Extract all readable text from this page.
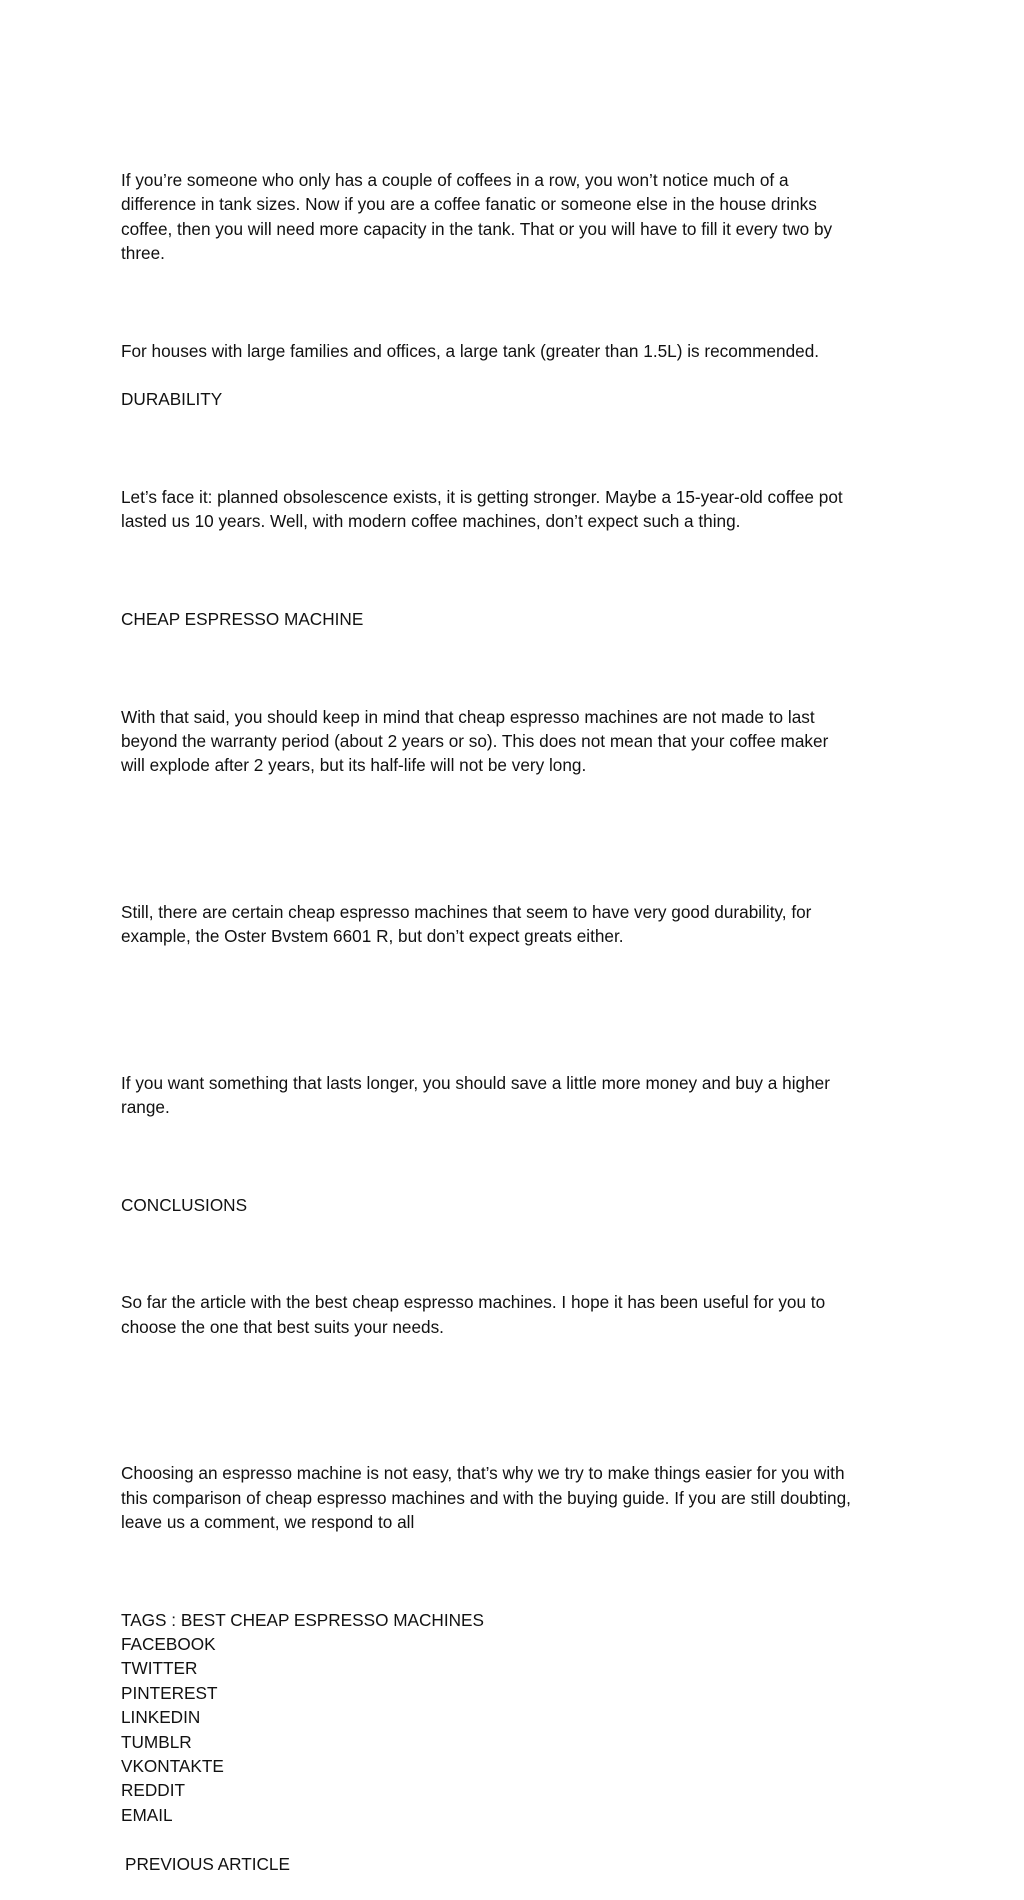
If you’re someone who only has a couple of coffees in a row, you won’t notice much of a
difference in tank sizes. Now if you are a coffee fanatic or someone else in the house drinks
coffee, then you will need more capacity in the tank. That or you will have to fill it every two by
three.

For houses with large families and offices, a large tank (greater than 1.5L) is recommended.

DURABILITY

Let’s face it: planned obsolescence exists, it is getting stronger. Maybe a 15-year-old coffee pot
lasted us 10 years. Well, with modern coffee machines, don’t expect such a thing.

CHEAP ESPRESSO MACHINE

With that said, you should keep in mind that cheap espresso machines are not made to last
beyond the warranty period (about 2 years or so). This does not mean that your coffee maker
will explode after 2 years, but its half-life will not be very long.

Still, there are certain cheap espresso machines that seem to have very good durability, for
example, the Oster Bvstem 6601 R, but don’t expect greats either.

If you want something that lasts longer, you should save a little more money and buy a higher
range.

CONCLUSIONS

So far the article with the best cheap espresso machines. I hope it has been useful for you to
choose the one that best suits your needs.

Choosing an espresso machine is not easy, that’s why we try to make things easier for you with
this comparison of cheap espresso machines and with the buying guide. If you are still doubting,
leave us a comment, we respond to all

TAGS : BEST CHEAP ESPRESSO MACHINES
FACEBOOK
TWITTER
PINTEREST
LINKEDIN
TUMBLR
VKONTAKTE
REDDIT
EMAIL

PREVIOUS ARTICLE
